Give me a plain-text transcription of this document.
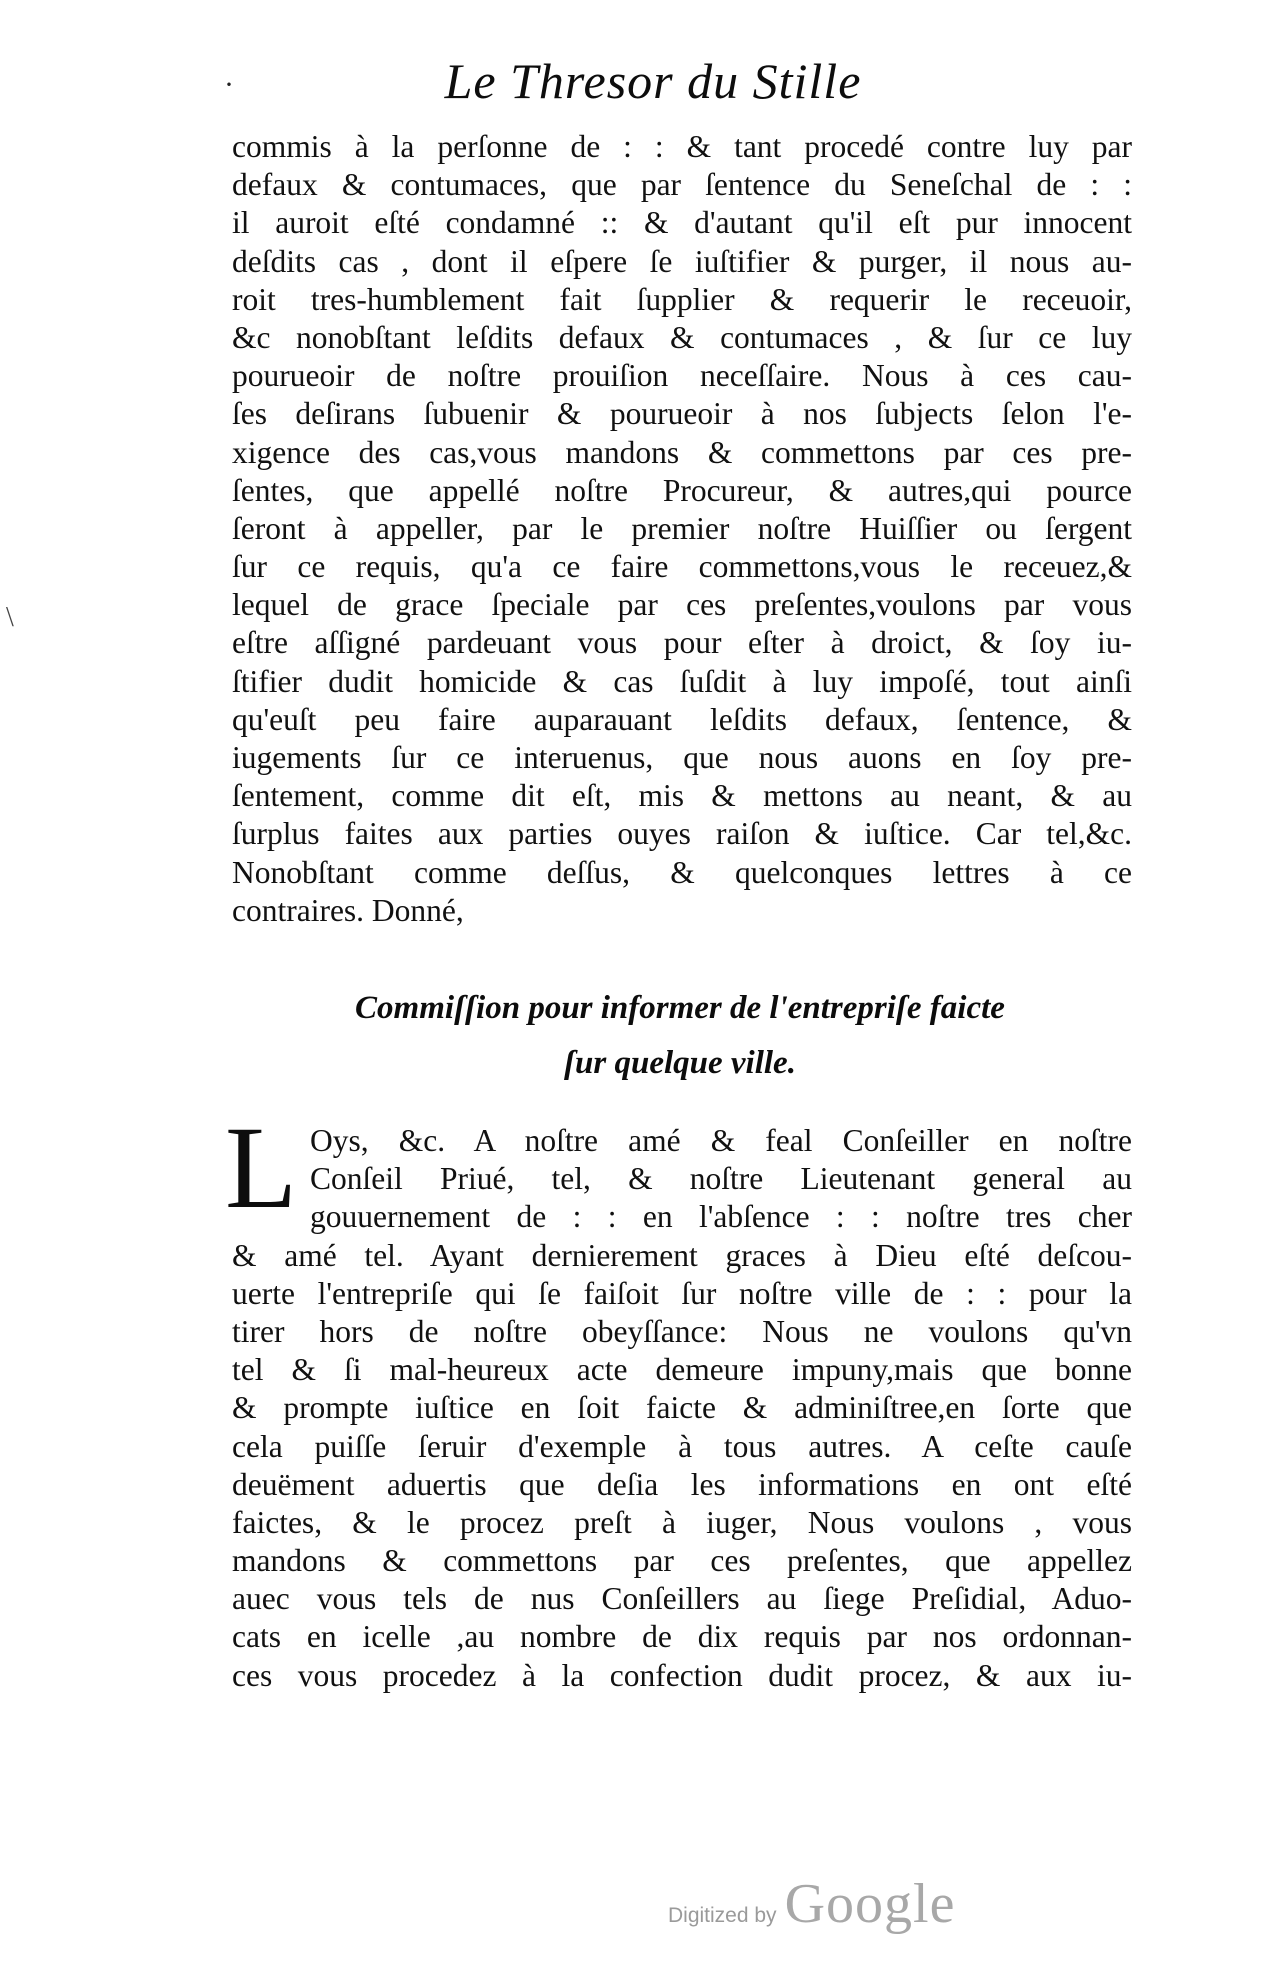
·
\
Le Thresor du Stille
commis à la perſonne de : : & tant procedé contre luy par
defaux & contumaces, que par ſentence du Seneſchal de : :
il auroit eſté condamné :: & d'autant qu'il eſt pur innocent
deſdits cas , dont il eſpere ſe iuſtifier & purger, il nous au-
roit tres-humblement fait ſupplier & requerir le receuoir,
&c nonobſtant leſdits defaux & contumaces , & ſur ce luy
pourueoir de noſtre prouiſion neceſſaire. Nous à ces cau-
ſes deſirans ſubuenir & pourueoir à nos ſubjects ſelon l'e-
xigence des cas,vous mandons & commettons par ces pre-
ſentes, que appellé noſtre Procureur, & autres,qui pource
ſeront à appeller, par le premier noſtre Huiſſier ou ſergent
ſur ce requis, qu'a ce faire commettons,vous le receuez,&
lequel de grace ſpeciale par ces preſentes,voulons par vous
eſtre aſſigné pardeuant vous pour eſter à droict, & ſoy iu-
ſtifier dudit homicide & cas ſuſdit à luy impoſé, tout ainſi
qu'euſt peu faire auparauant leſdits defaux, ſentence, &
iugements ſur ce interuenus, que nous auons en ſoy pre-
ſentement, comme dit eſt, mis & mettons au neant, & au
ſurplus faites aux parties ouyes raiſon & iuſtice. Car tel,&c.
Nonobſtant comme deſſus, & quelconques lettres à ce
contraires. Donné,
Commiſſion pour informer de l'entrepriſe faicte
ſur quelque ville.
L Oys, &c. A noſtre amé & feal Conſeiller en noſtre
Conſeil Priué, tel, & noſtre Lieutenant general au
gouuernement de : : en l'abſence : : noſtre tres cher
& amé tel. Ayant dernierement graces à Dieu eſté deſcou-
uerte l'entrepriſe qui ſe faiſoit ſur noſtre ville de : : pour la
tirer hors de noſtre obeyſſance: Nous ne voulons qu'vn
tel & ſi mal-heureux acte demeure impuny,mais que bonne
& prompte iuſtice en ſoit faicte & adminiſtree,en ſorte que
cela puiſſe ſeruir d'exemple à tous autres. A ceſte cauſe
deuëment aduertis que deſia les informations en ont eſté
faictes, & le procez preſt à iuger, Nous voulons , vous
mandons & commettons par ces preſentes, que appellez
auec vous tels de nus Conſeillers au ſiege Preſidial, Aduo-
cats en icelle ,au nombre de dix requis par nos ordonnan-
ces vous procedez à la confection dudit procez, & aux iu-
Digitized by Google
